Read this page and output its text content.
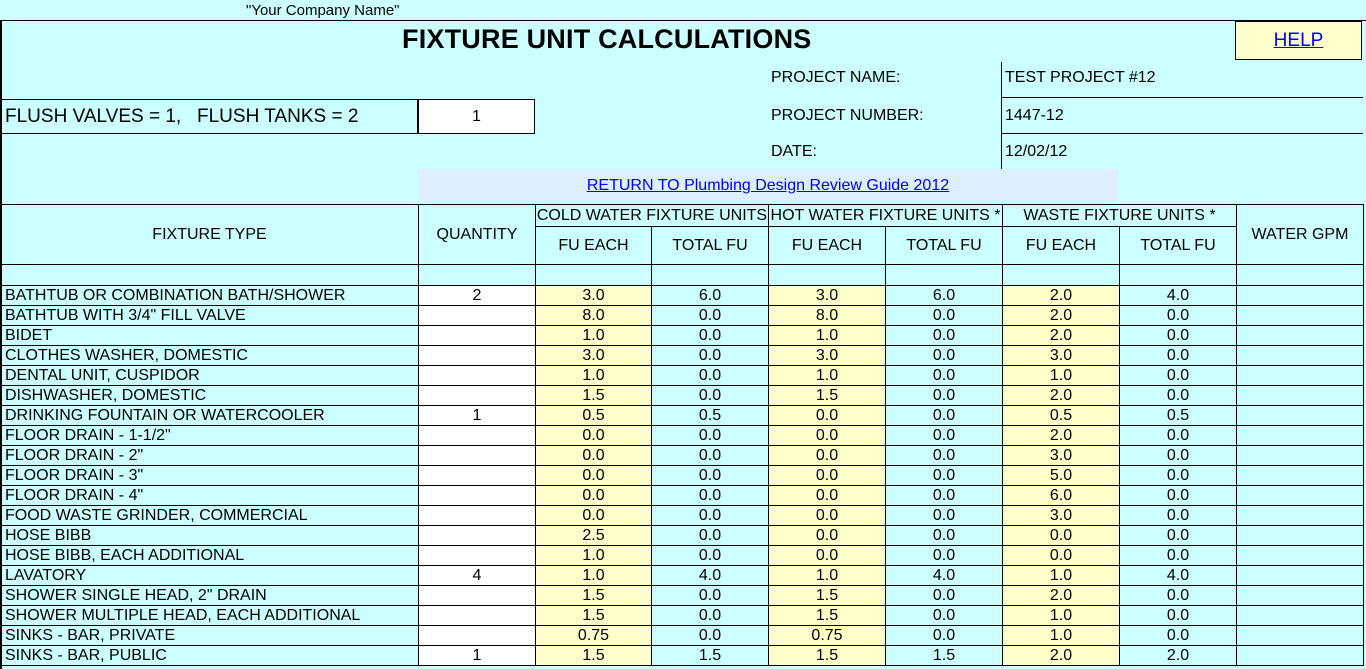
"Your Company Name"
FIXTURE UNIT CALCULATIONS	HELP
PROJECT NAME:	TEST PROJECT #12
FLUSH VALVES = 1,   FLUSH TANKS = 2	1	PROJECT NUMBER:	1447-12
DATE:	12/02/12
RETURN TO Plumbing Design Review Guide 2012
FIXTURE TYPE	QUANTITY	COLD WATER FIXTURE UNITS		HOT WATER FIXTURE UNITS *		WASTE FIXTURE UNITS *		WATER GPM
		FU EACH	TOTAL FU	FU EACH	TOTAL FU	FU EACH	TOTAL FU	

BATHTUB OR COMBINATION BATH/SHOWER	2	3.0	6.0	3.0	6.0	2.0	4.0	
BATHTUB WITH 3/4" FILL VALVE		8.0	0.0	8.0	0.0	2.0	0.0	
BIDET		1.0	0.0	1.0	0.0	2.0	0.0	
CLOTHES WASHER, DOMESTIC		3.0	0.0	3.0	0.0	3.0	0.0	
DENTAL UNIT, CUSPIDOR		1.0	0.0	1.0	0.0	1.0	0.0	
DISHWASHER, DOMESTIC		1.5	0.0	1.5	0.0	2.0	0.0	
DRINKING FOUNTAIN OR WATERCOOLER	1	0.5	0.5	0.0	0.0	0.5	0.5	
FLOOR DRAIN - 1-1/2"		0.0	0.0	0.0	0.0	2.0	0.0	
FLOOR DRAIN - 2"		0.0	0.0	0.0	0.0	3.0	0.0	
FLOOR DRAIN - 3"		0.0	0.0	0.0	0.0	5.0	0.0	
FLOOR DRAIN - 4"		0.0	0.0	0.0	0.0	6.0	0.0	
FOOD WASTE GRINDER, COMMERCIAL		0.0	0.0	0.0	0.0	3.0	0.0	
HOSE BIBB		2.5	0.0	0.0	0.0	0.0	0.0	
HOSE BIBB, EACH ADDITIONAL		1.0	0.0	0.0	0.0	0.0	0.0	
LAVATORY	4	1.0	4.0	1.0	4.0	1.0	4.0	
SHOWER SINGLE HEAD, 2" DRAIN		1.5	0.0	1.5	0.0	2.0	0.0	
SHOWER MULTIPLE HEAD, EACH ADDITIONAL		1.5	0.0	1.5	0.0	1.0	0.0	
SINKS - BAR, PRIVATE		0.75	0.0	0.75	0.0	1.0	0.0	
SINKS - BAR, PUBLIC	1	1.5	1.5	1.5	1.5	2.0	2.0	
